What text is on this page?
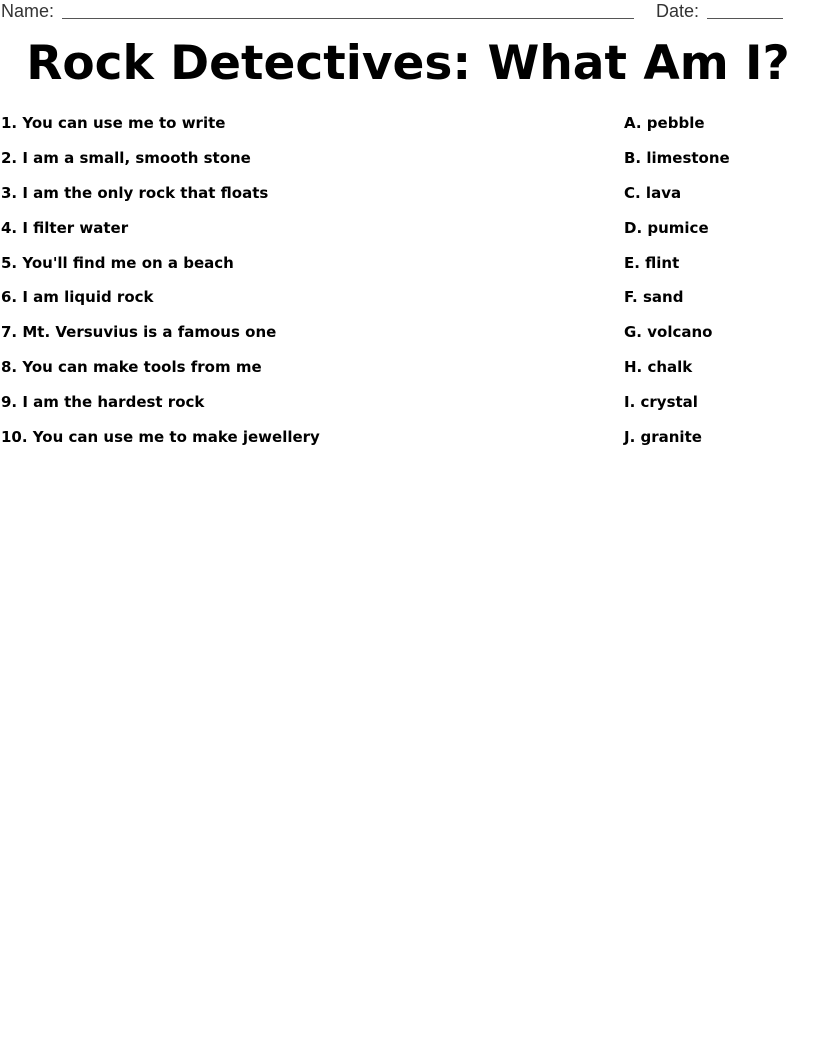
Name:	Date:
Rock Detectives: What Am I?
1. You can use me to write
2. I am a small, smooth stone
3. I am the only rock that floats
4. I filter water
5. You'll find me on a beach
6. I am liquid rock
7. Mt. Versuvius is a famous one
8. You can make tools from me
9. I am the hardest rock
10. You can use me to make jewellery
A. pebble
B. limestone
C. lava
D. pumice
E. flint
F. sand
G. volcano
H. chalk
I. crystal
J. granite
